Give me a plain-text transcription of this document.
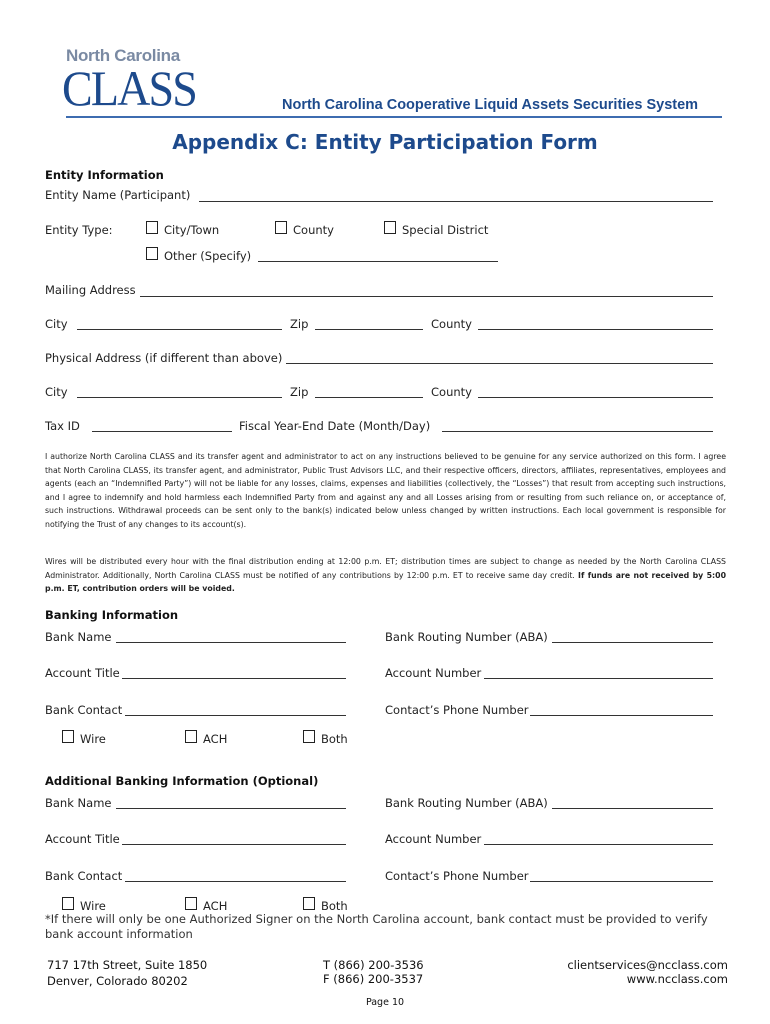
North Carolina
CLASS	North Carolina Cooperative Liquid Assets Securities System
Appendix C: Entity Participation Form
Entity Information
Entity Name (Participant)
Entity Type:	City/Town	County	Special District
Other (Specify)
Mailing Address
City	Zip	County
Physical Address (if different than above)
City	Zip	County
Tax ID	Fiscal Year-End Date (Month/Day)
I authorize North Carolina CLASS and its transfer agent and administrator to act on any instructions believed to be genuine for any service authorized on this form. I agree that North Carolina CLASS, its transfer agent, and administrator, Public Trust Advisors LLC, and their respective officers, directors, affiliates, representatives, employees and agents (each an “Indemnified Party”) will not be liable for any losses, claims, expenses and liabilities (collectively, the “Losses”) that result from accepting such instructions, and I agree to indemnify and hold harmless each Indemnified Party from and against any and all Losses arising from or resulting from such reliance on, or acceptance of, such instructions. Withdrawal proceeds can be sent only to the bank(s) indicated below unless changed by written instructions. Each local government is responsible for notifying the Trust of any changes to its account(s).
Wires will be distributed every hour with the final distribution ending at 12:00 p.m. ET; distribution times are subject to change as needed by the North Carolina CLASS Administrator. Additionally, North Carolina CLASS must be notified of any contributions by 12:00 p.m. ET to receive same day credit. If funds are not received by 5:00 p.m. ET, contribution orders will be voided.
Banking Information
Bank Name	Bank Routing Number (ABA)
Account Title	Account Number
Bank Contact	Contact’s Phone Number
Wire	ACH	Both
Additional Banking Information (Optional)
Bank Name	Bank Routing Number (ABA)
Account Title	Account Number
Bank Contact	Contact’s Phone Number
Wire	ACH	Both
*If there will only be one Authorized Signer on the North Carolina account, bank contact must be provided to verify bank account information
717 17th Street, Suite 1850
Denver, Colorado 80202
T (866) 200-3536
F (866) 200-3537
clientservices@ncclass.com
www.ncclass.com
Page 10
